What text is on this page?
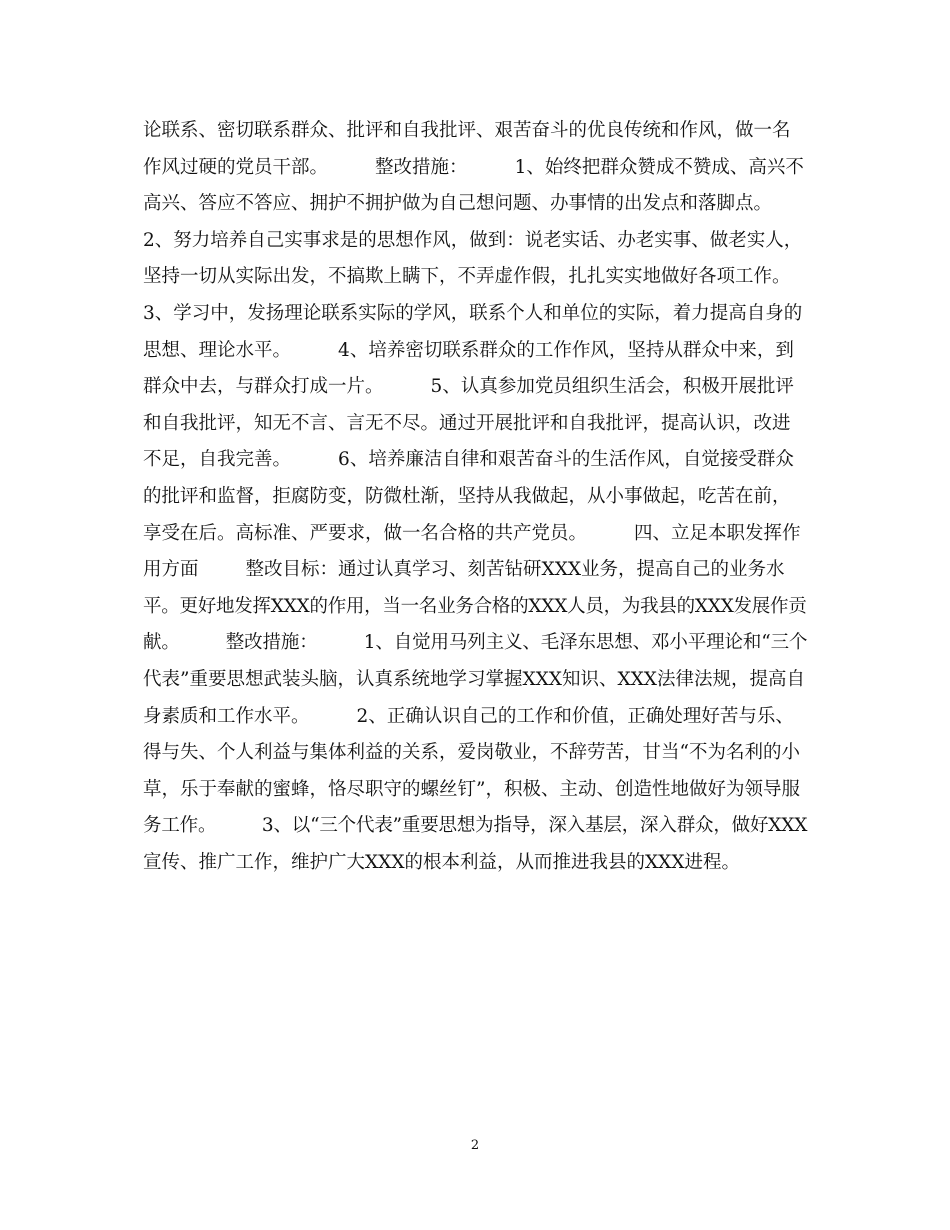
论联系、密切联系群众、批评和自我批评、艰苦奋斗的优良传统和作风，做一名
作风过硬的党员干部。        整改措施：        1、始终把群众赞成不赞成、高兴不
高兴、答应不答应、拥护不拥护做为自己想问题、办事情的出发点和落脚点。
2、努力培养自己实事求是的思想作风，做到：说老实话、办老实事、做老实人，
坚持一切从实际出发，不搞欺上瞒下，不弄虚作假，扎扎实实地做好各项工作。
3、学习中，发扬理论联系实际的学风，联系个人和单位的实际，着力提高自身的
思想、理论水平。        4、培养密切联系群众的工作作风，坚持从群众中来，到
群众中去，与群众打成一片。        5、认真参加党员组织生活会，积极开展批评
和自我批评，知无不言、言无不尽。通过开展批评和自我批评，提高认识，改进
不足，自我完善。        6、培养廉洁自律和艰苦奋斗的生活作风，自觉接受群众
的批评和监督，拒腐防变，防微杜渐，坚持从我做起，从小事做起，吃苦在前，
享受在后。高标准、严要求，做一名合格的共产党员。        四、立足本职发挥作
用方面        整改目标：通过认真学习、刻苦钻研XXX业务，提高自己的业务水
平。更好地发挥XXX的作用，当一名业务合格的XXX人员，为我县的XXX发展作贡
献。        整改措施：        1、自觉用马列主义、毛泽东思想、邓小平理论和“三个
代表”重要思想武装头脑，认真系统地学习掌握XXX知识、XXX法律法规，提高自
身素质和工作水平。        2、正确认识自己的工作和价值，正确处理好苦与乐、
得与失、个人利益与集体利益的关系，爱岗敬业，不辞劳苦，甘当“不为名利的小
草，乐于奉献的蜜蜂，恪尽职守的螺丝钉”，积极、主动、创造性地做好为领导服
务工作。        3、以“三个代表”重要思想为指导，深入基层，深入群众，做好XXX
宣传、推广工作，维护广大XXX的根本利益，从而推进我县的XXX进程。
2
